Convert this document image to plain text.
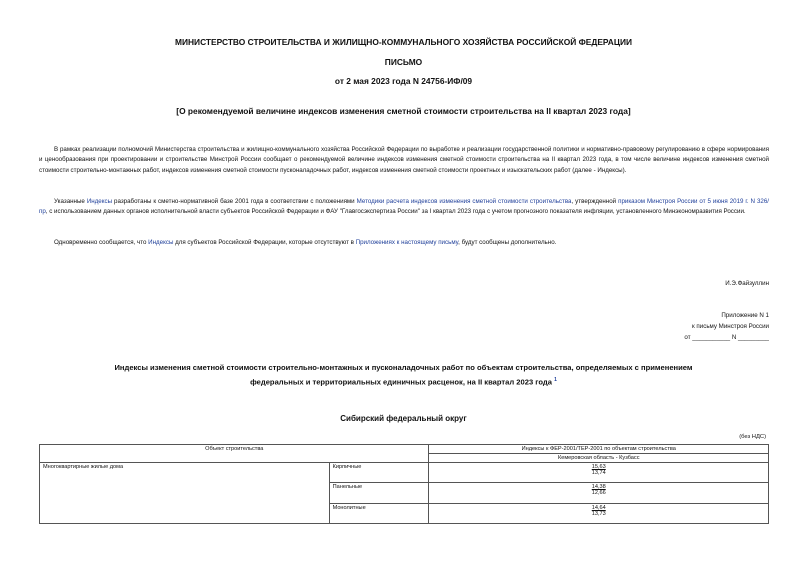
МИНИСТЕРСТВО СТРОИТЕЛЬСТВА И ЖИЛИЩНО-КОММУНАЛЬНОГО ХОЗЯЙСТВА РОССИЙСКОЙ ФЕДЕРАЦИИ
ПИСЬМО
от 2 мая 2023 года N 24756-ИФ/09
[О рекомендуемой величине индексов изменения сметной стоимости строительства на II квартал 2023 года]
В рамках реализации полномочий Министерства строительства и жилищно-коммунального хозяйства Российской Федерации по выработке и реализации государственной политики и нормативно-правовому регулированию в сфере нормирования и ценообразования при проектировании и строительстве Минстрой России сообщает о рекомендуемой величине индексов изменения сметной стоимости строительства на II квартал 2023 года, в том числе величине индексов изменения сметной стоимости строительно-монтажных работ, индексов изменения сметной стоимости пусконаладочных работ, индексов изменения сметной стоимости проектных и изыскательских работ (далее - Индексы).
Указанные Индексы разработаны к сметно-нормативной базе 2001 года в соответствии с положениями Методики расчета индексов изменения сметной стоимости строительства, утвержденной приказом Минстроя России от 5 июня 2019 г. N 326/пр, с использованием данных органов исполнительной власти субъектов Российской Федерации и ФАУ "Главгосэкспертиза России" за I квартал 2023 года с учетом прогнозного показателя инфляции, установленного Минэкономразвития России.
Одновременно сообщается, что Индексы для субъектов Российской Федерации, которые отсутствуют в Приложениях к настоящему письму, будут сообщены дополнительно.
И.Э.Файзуллин
Приложение N 1
к письму Минстроя России
от ___________ N _________
Индексы изменения сметной стоимости строительно-монтажных и пусконаладочных работ по объектам строительства, определяемых с применением
федеральных и территориальных единичных расценок, на II квартал 2023 года $^1$
Сибирский федеральный округ
(без НДС)
Объект строительства		Индексы к ФЕР-2001/ТЕР-2001 по объектам строительства
		Кемеровская область - Кузбасс
Многоквартирные жилые дома	Кирпичные	15,63
13,74

	Панельные	14,38
12,66

	Монолитные	14,64
13,73
